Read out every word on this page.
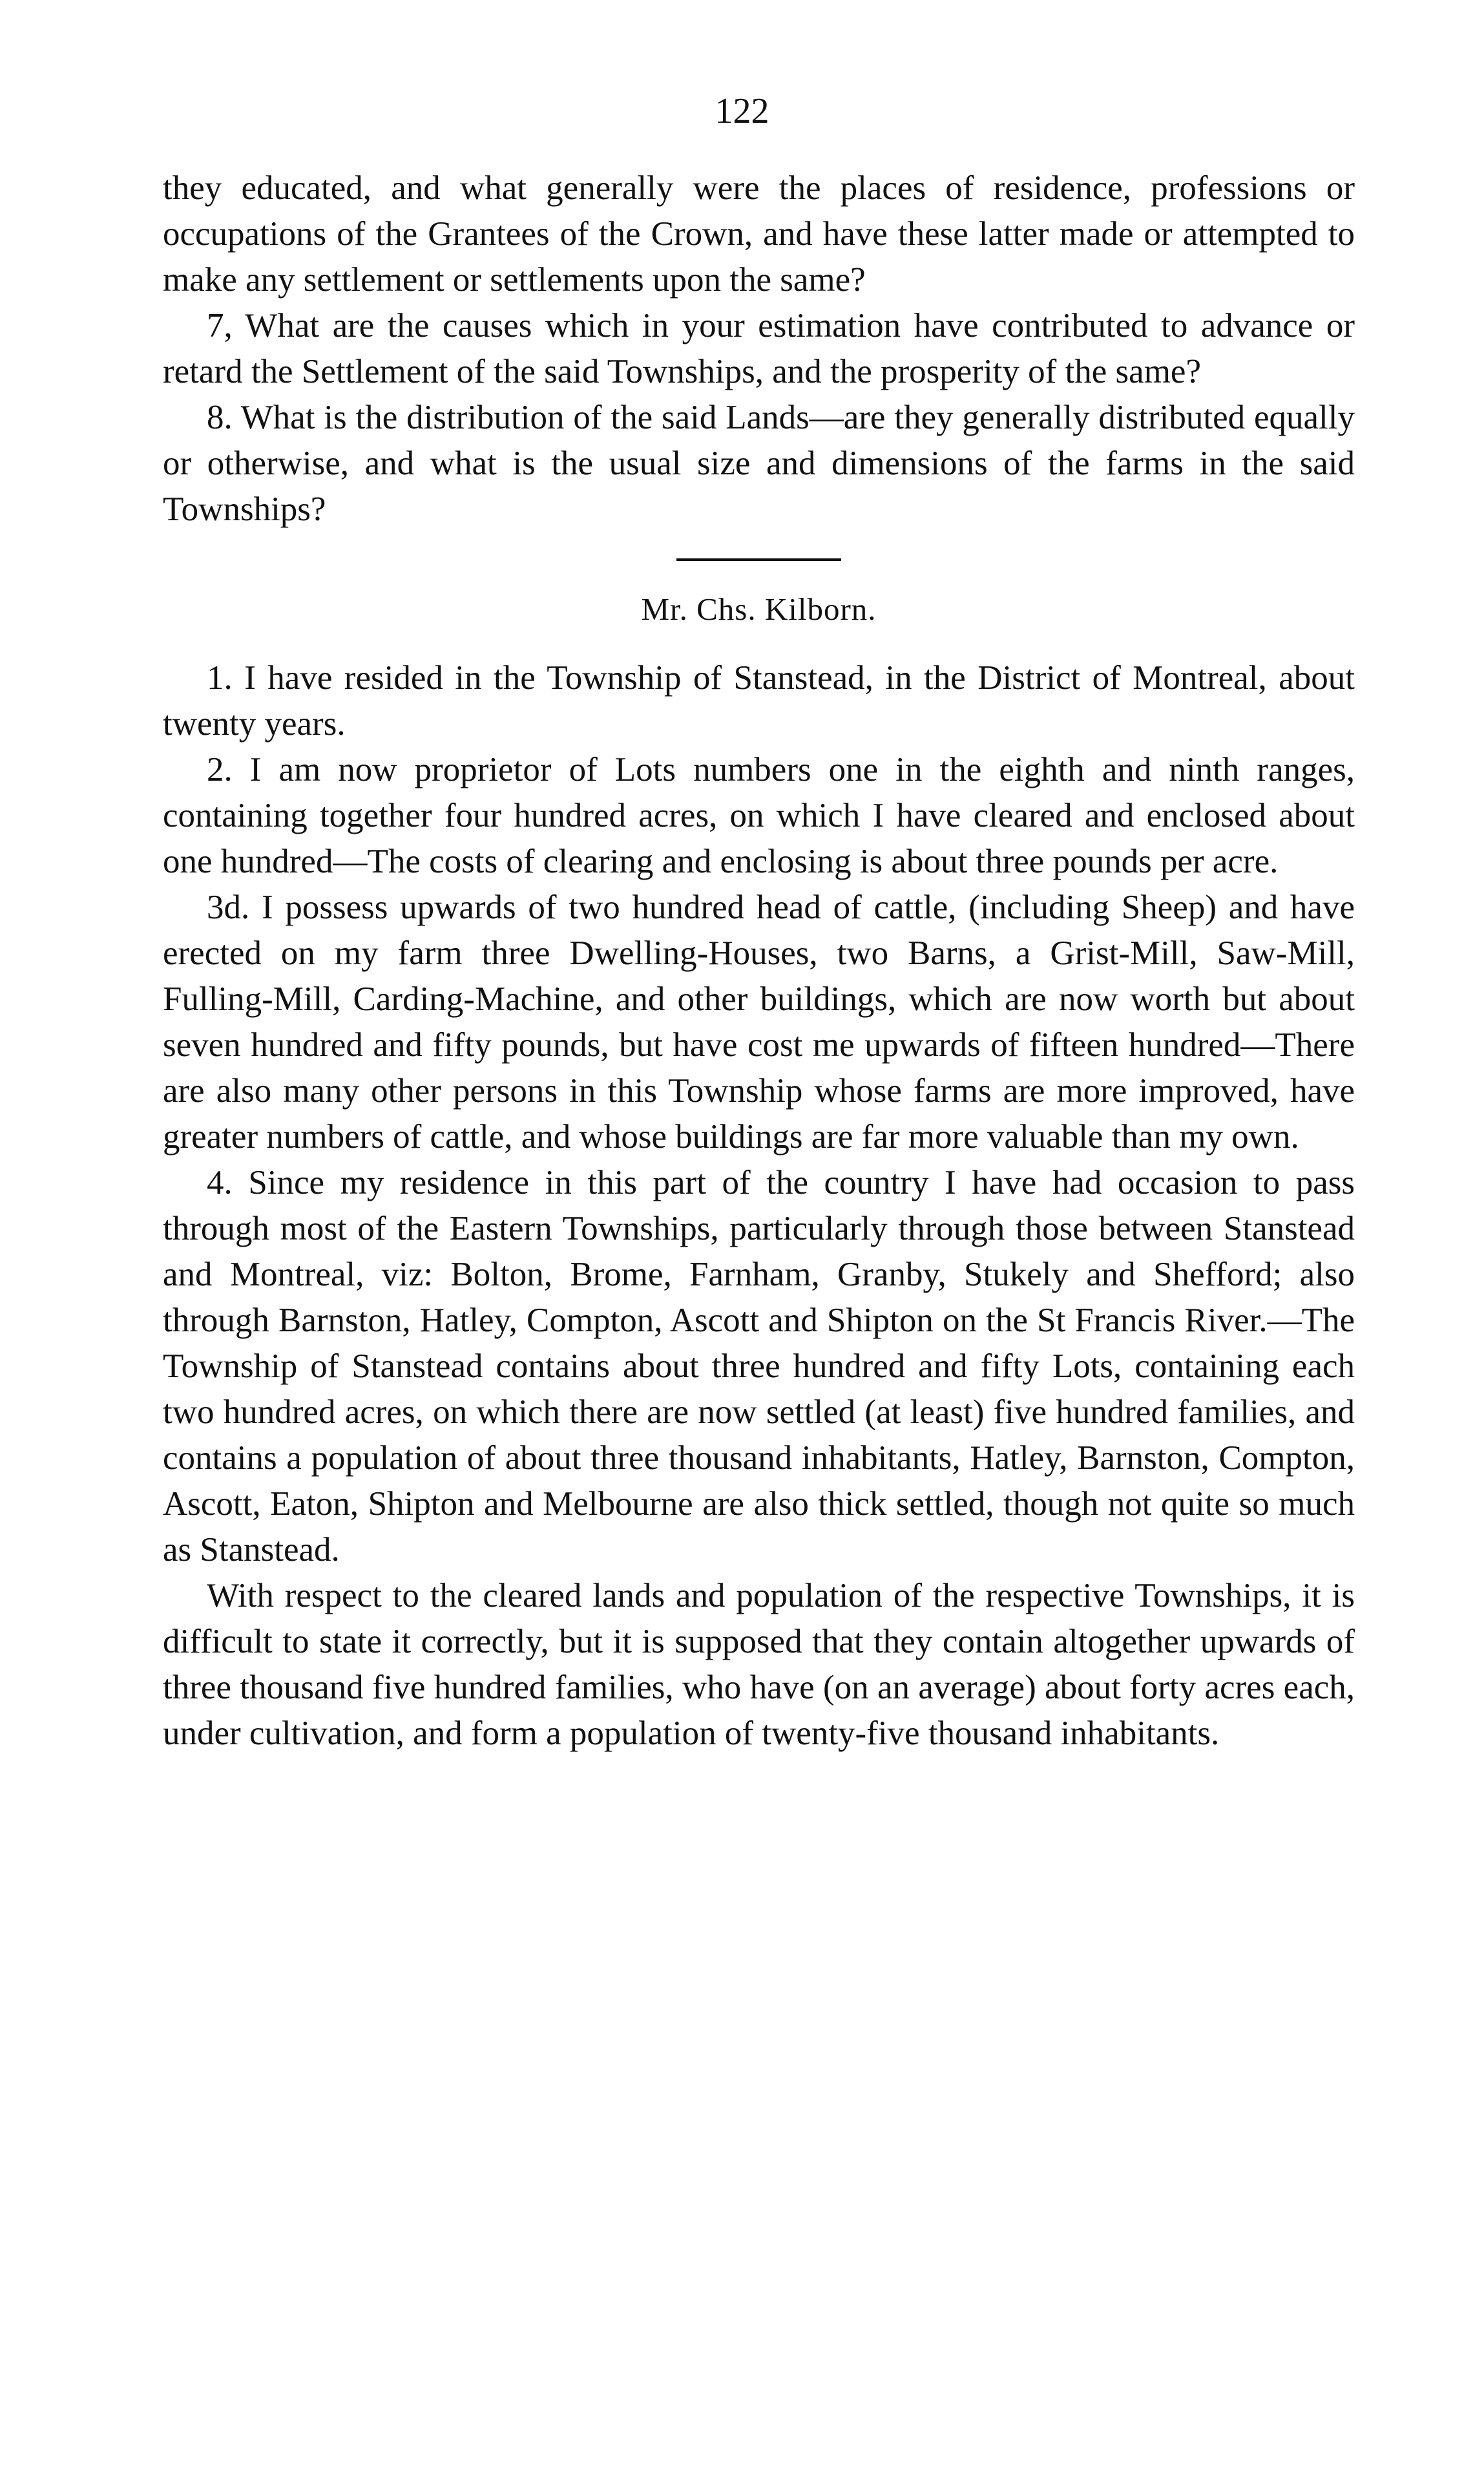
122

they educated, and what generally were the places of residence, professions or occupations of the Grantees of the Crown, and have these latter made or attempted to make any settlement or settlements upon the same?

7, What are the causes which in your estimation have contributed to advance or retard the Settlement of the said Townships, and the prosperity of the same?

8. What is the distribution of the said Lands—are they generally distributed equally or otherwise, and what is the usual size and dimensions of the farms in the said Townships?

Mr. Chs. Kilborn.

1. I have resided in the Township of Stanstead, in the District of Montreal, about twenty years.

2. I am now proprietor of Lots numbers one in the eighth and ninth ranges, containing together four hundred acres, on which I have cleared and enclosed about one hundred—The costs of clearing and enclosing is about three pounds per acre.

3d. I possess upwards of two hundred head of cattle, (including Sheep) and have erected on my farm three Dwelling-Houses, two Barns, a Grist-Mill, Saw-Mill, Fulling-Mill, Carding-Machine, and other buildings, which are now worth but about seven hundred and fifty pounds, but have cost me upwards of fifteen hundred—There are also many other persons in this Township whose farms are more improved, have greater numbers of cattle, and whose buildings are far more valuable than my own.

4. Since my residence in this part of the country I have had occasion to pass through most of the Eastern Townships, particularly through those between Stanstead and Montreal, viz: Bolton, Brome, Farnham, Granby, Stukely and Shefford; also through Barnston, Hatley, Compton, Ascott and Shipton on the St Francis River.—The Township of Stanstead contains about three hundred and fifty Lots, containing each two hundred acres, on which there are now settled (at least) five hundred families, and contains a population of about three thousand inhabitants, Hatley, Barnston, Compton, Ascott, Eaton, Shipton and Melbourne are also thick settled, though not quite so much as Stanstead.

With respect to the cleared lands and population of the respective Townships, it is difficult to state it correctly, but it is supposed that they contain altogether upwards of three thousand five hundred families, who have (on an average) about forty acres each, under cultivation, and form a population of twenty-five thousand inhabitants.
